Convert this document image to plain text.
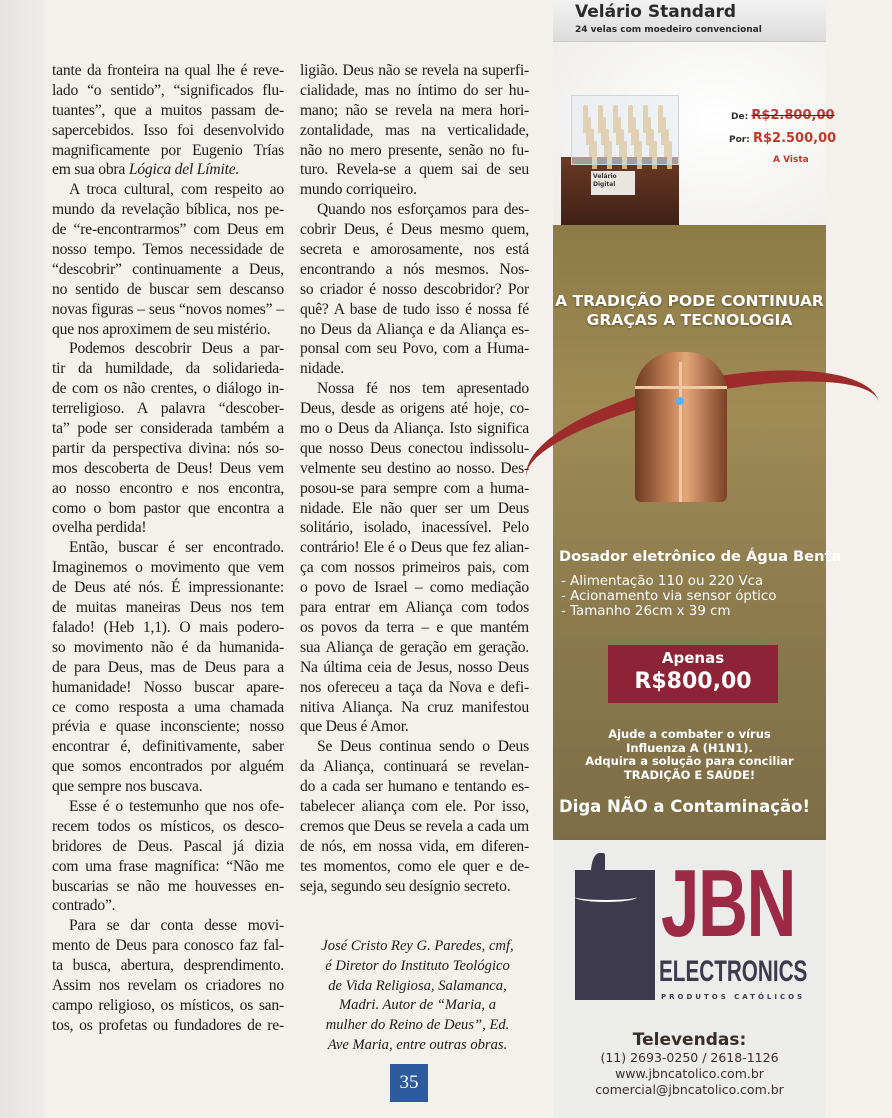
tante da fronteira na qual lhe é reve-
lado “o sentido”, “significados flu-
tuantes”, que a muitos passam de-
sapercebidos. Isso foi desenvolvido
magnificamente por Eugenio Trías
em sua obra Lógica del Límite.
A troca cultural, com respeito ao
mundo da revelação bíblica, nos pe-
de “re-encontrarmos” com Deus em
nosso tempo. Temos necessidade de
“descobrir” continuamente a Deus,
no sentido de buscar sem descanso
novas figuras – seus “novos nomes” –
que nos aproximem de seu mistério.
Podemos descobrir Deus a par-
tir da humildade, da solidarieda-
de com os não crentes, o diálogo in-
terreligioso. A palavra “descober-
ta” pode ser considerada também a
partir da perspectiva divina: nós so-
mos descoberta de Deus! Deus vem
ao nosso encontro e nos encontra,
como o bom pastor que encontra a
ovelha perdida!
Então, buscar é ser encontrado.
Imaginemos o movimento que vem
de Deus até nós. É impressionante:
de muitas maneiras Deus nos tem
falado! (Heb 1,1). O mais podero-
so movimento não é da humanida-
de para Deus, mas de Deus para a
humanidade! Nosso buscar apare-
ce como resposta a uma chamada
prévia e quase inconsciente; nosso
encontrar é, definitivamente, saber
que somos encontrados por alguém
que sempre nos buscava.
Esse é o testemunho que nos ofe-
recem todos os místicos, os desco-
bridores de Deus. Pascal já dizia
com uma frase magnífica: “Não me
buscarias se não me houvesses en-
contrado”.
Para se dar conta desse movi-
mento de Deus para conosco faz fal-
ta busca, abertura, desprendimento.
Assim nos revelam os criadores no
campo religioso, os místicos, os san-
tos, os profetas ou fundadores de re-
ligião. Deus não se revela na superfi-
cialidade, mas no íntimo do ser hu-
mano; não se revela na mera hori-
zontalidade, mas na verticalidade,
não no mero presente, senão no fu-
turo. Revela-se a quem sai de seu
mundo corriqueiro.
Quando nos esforçamos para des-
cobrir Deus, é Deus mesmo quem,
secreta e amorosamente, nos está
encontrando a nós mesmos. Nos-
so criador é nosso descobridor? Por
quê? A base de tudo isso é nossa fé
no Deus da Aliança e da Aliança es-
ponsal com seu Povo, com a Huma-
nidade.
Nossa fé nos tem apresentado
Deus, desde as origens até hoje, co-
mo o Deus da Aliança. Isto significa
que nosso Deus conectou indissolu-
velmente seu destino ao nosso. Des-
posou-se para sempre com a huma-
nidade. Ele não quer ser um Deus
solitário, isolado, inacessível. Pelo
contrário! Ele é o Deus que fez alian-
ça com nossos primeiros pais, com
o povo de Israel – como mediação
para entrar em Aliança com todos
os povos da terra – e que mantém
sua Aliança de geração em geração.
Na última ceia de Jesus, nosso Deus
nos ofereceu a taça da Nova e defi-
nitiva Aliança. Na cruz manifestou
que Deus é Amor.
Se Deus continua sendo o Deus
da Aliança, continuará se revelan-
do a cada ser humano e tentando es-
tabelecer aliança com ele. Por isso,
cremos que Deus se revela a cada um
de nós, em nossa vida, em diferen-
tes momentos, como ele quer e de-
seja, segundo seu desígnio secreto.
José Cristo Rey G. Paredes, cmf,
é Diretor do Instituto Teológico
de Vida Religiosa, Salamanca,
Madri. Autor de “Maria, a
mulher do Reino de Deus”, Ed.
Ave Maria, entre outras obras.
35
Velário Standard
24 velas com moedeiro convencional
Velário Digital
De: R$2.800,00
Por: R$2.500,00
A Vista
A TRADIÇÃO PODE CONTINUAR
GRAÇAS A TECNOLOGIA
Dosador eletrônico de Água Benta
- Alimentação 110 ou 220 Vca
- Acionamento via sensor óptico
- Tamanho 26cm x 39 cm
Apenas
R$800,00
Ajude a combater o vírus
Influenza A (H1N1).
Adquira a solução para conciliar
TRADIÇÃO E SAÚDE!
Diga NÃO a Contaminação!
JBN
ELECTRONICS
PRODUTOS CATÓLICOS
Televendas:
(11) 2693-0250 / 2618-1126
www.jbncatolico.com.br
comercial@jbncatolico.com.br
